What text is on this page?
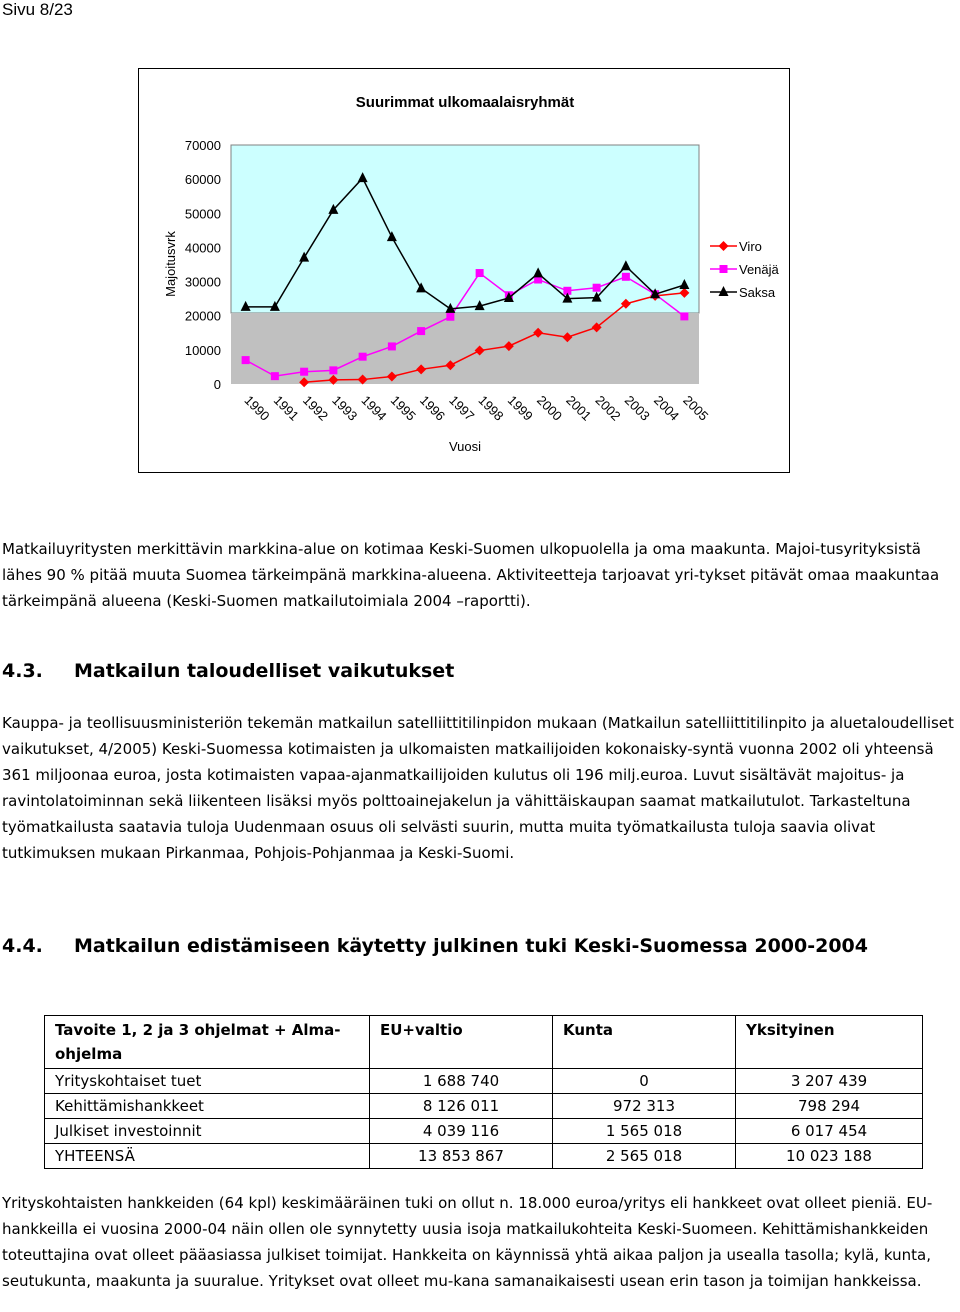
Sivu 8/23
Suurimmat ulkomaalaisryhmät
70000
60000
50000
40000
30000
20000
10000
0
1990
1991
1992
1993
1994
1995
1996
1997
1998
1999
2000
2001
2002
2003
2004
2005
Majoitusvrk
Vuosi
Viro
Venäjä
Saksa

Matkailuyritysten merkittävin markkina-alue on kotimaa Keski-Suomen ulkopuolella ja oma maakunta. Majoi-tusyrityksistä lähes 90 % pitää muuta Suomea tärkeimpänä markkina-alueena. Aktiviteetteja tarjoavat yri-tykset pitävät omaa maakuntaa tärkeimpänä alueena (Keski-Suomen matkailutoimiala 2004 –raportti).

4.3. Matkailun taloudelliset vaikutukset

Kauppa- ja teollisuusministeriön tekemän matkailun satelliittitilinpidon mukaan (Matkailun satelliittitilinpito ja aluetaloudelliset vaikutukset, 4/2005) Keski-Suomessa kotimaisten ja ulkomaisten matkailijoiden kokonaisky-syntä vuonna 2002 oli yhteensä 361 miljoonaa euroa, josta kotimaisten vapaa-ajanmatkailijoiden kulutus oli 196 milj.euroa. Luvut sisältävät majoitus- ja ravintolatoiminnan sekä liikenteen lisäksi myös polttoainejakelun ja vähittäiskaupan saamat matkailutulot. Tarkasteltuna työmatkailusta saatavia tuloja Uudenmaan osuus oli selvästi suurin, mutta muita työmatkailusta tuloja saavia olivat tutkimuksen mukaan Pirkanmaa, Pohjois-Pohjanmaa ja Keski-Suomi.

4.4. Matkailun edistämiseen käytetty julkinen tuki Keski-Suomessa 2000-2004

Tavoite 1, 2 ja 3 ohjelmat + Alma-ohjelma	EU+valtio	Kunta	Yksityinen
Yrityskohtaiset tuet	1 688 740	0	3 207 439
Kehittämishankkeet	8 126 011	972 313	798 294
Julkiset investoinnit	4 039 116	1 565 018	6 017 454
YHTEENSÄ	13 853 867	2 565 018	10 023 188

Yrityskohtaisten hankkeiden (64 kpl) keskimääräinen tuki on ollut n. 18.000 euroa/yritys eli hankkeet ovat olleet pieniä. EU-hankkeilla ei vuosina 2000-04 näin ollen ole synnytetty uusia isoja matkailukohteita Keski-Suomeen. Kehittämishankkeiden toteuttajina ovat olleet pääasiassa julkiset toimijat. Hankkeita on käynnissä yhtä aikaa paljon ja usealla tasolla; kylä, kunta, seutukunta, maakunta ja suuralue. Yritykset ovat olleet mu-kana samanaikaisesti usean erin tason ja toimijan hankkeissa.
